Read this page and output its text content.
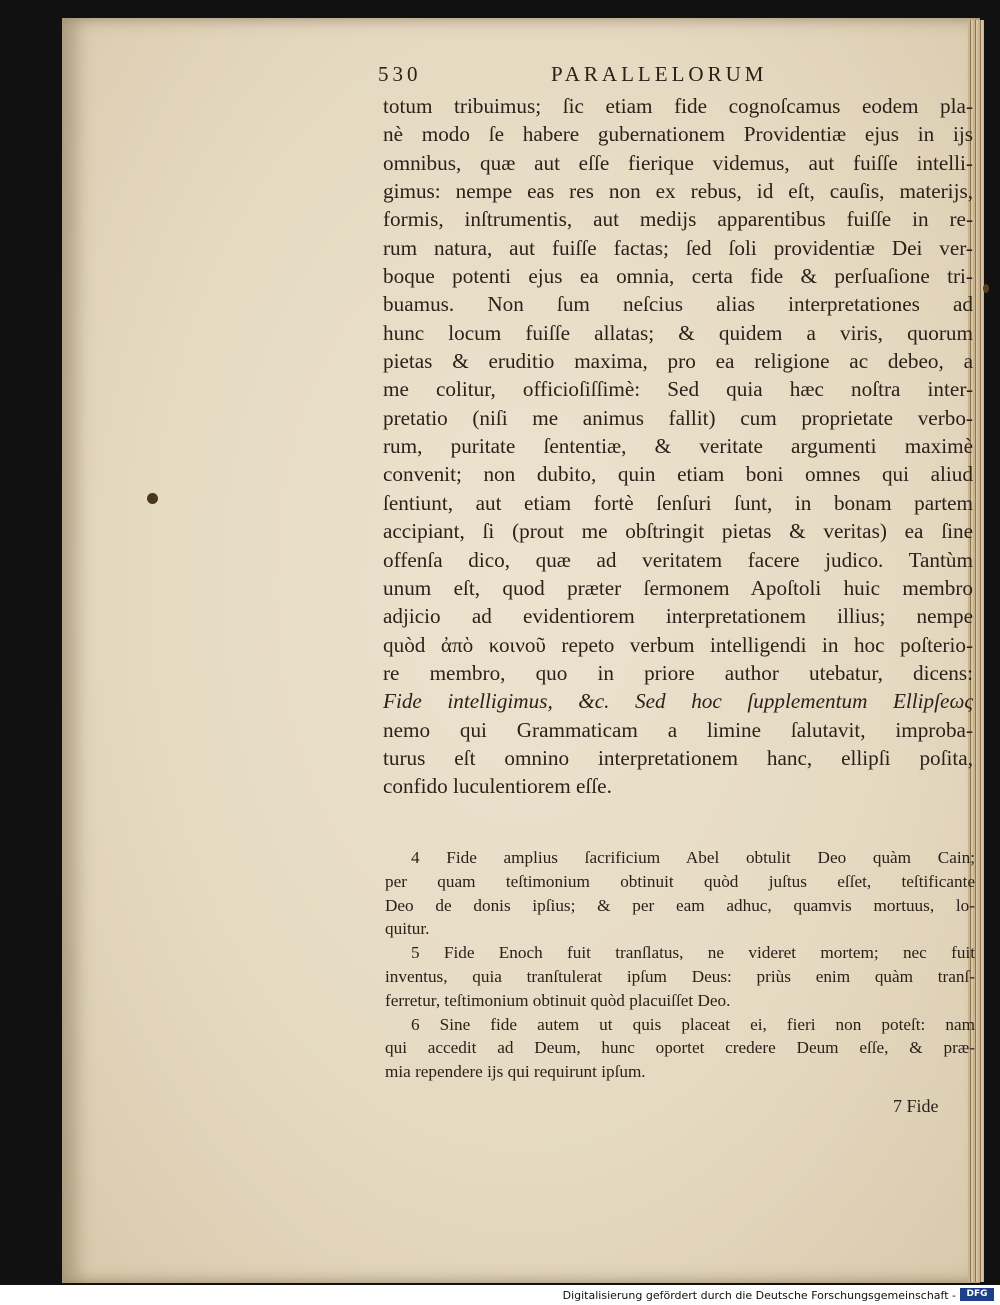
530	PARALLELORUM
totum tribuimus; ſic etiam fide cognoſcamus eodem pla-
nè modo ſe habere gubernationem Providentiæ ejus in ijs
omnibus, quæ aut eſſe fierique videmus, aut fuiſſe intelli-
gimus: nempe eas res non ex rebus, id eſt, cauſis, materijs,
formis, inſtrumentis, aut medijs apparentibus fuiſſe in re-
rum natura, aut fuiſſe factas; ſed ſoli providentiæ Dei ver-
boque potenti ejus ea omnia, certa fide & perſuaſione tri-
buamus. Non ſum neſcius alias interpretationes ad
hunc locum fuiſſe allatas; & quidem a viris, quorum
pietas & eruditio maxima, pro ea religione ac debeo, a
me colitur, officioſiſſimè: Sed quia hæc noſtra inter-
pretatio (niſi me animus fallit) cum proprietate verbo-
rum, puritate ſententiæ, & veritate argumenti maximè
convenit; non dubito, quin etiam boni omnes qui aliud
ſentiunt, aut etiam fortè ſenſuri ſunt, in bonam partem
accipiant, ſi (prout me obſtringit pietas & veritas) ea ſine
offenſa dico, quæ ad veritatem facere judico. Tantùm
unum eſt, quod præter ſermonem Apoſtoli huic membro
adjicio ad evidentiorem interpretationem illius; nempe
quòd ἀπὸ κοινοῦ repeto verbum intelligendi in hoc poſterio-
re membro, quo in priore author utebatur, dicens:
Fide intelligimus, &c. Sed hoc ſupplementum Ellipſeως
nemo qui Grammaticam a limine ſalutavit, improba-
turus eſt omnino interpretationem hanc, ellipſi poſita,
confido luculentiorem eſſe.
4 Fide amplius ſacrificium Abel obtulit Deo quàm Cain;
per quam teſtimonium obtinuit quòd juſtus eſſet, teſtificante
Deo de donis ipſius; & per eam adhuc, quamvis mortuus, lo-
quitur.
5 Fide Enoch fuit tranſlatus, ne videret mortem; nec fuit
inventus, quia tranſtulerat ipſum Deus: priùs enim quàm tranſ-
ferretur, teſtimonium obtinuit quòd placuiſſet Deo.
6 Sine fide autem ut quis placeat ei, fieri non poteſt: nam
qui accedit ad Deum, hunc oportet credere Deum eſſe, & præ-
mia rependere ijs qui requirunt ipſum.
7 Fide
Digitalisierung gefördert durch die Deutsche Forschungsgemeinschaft -	DFG
